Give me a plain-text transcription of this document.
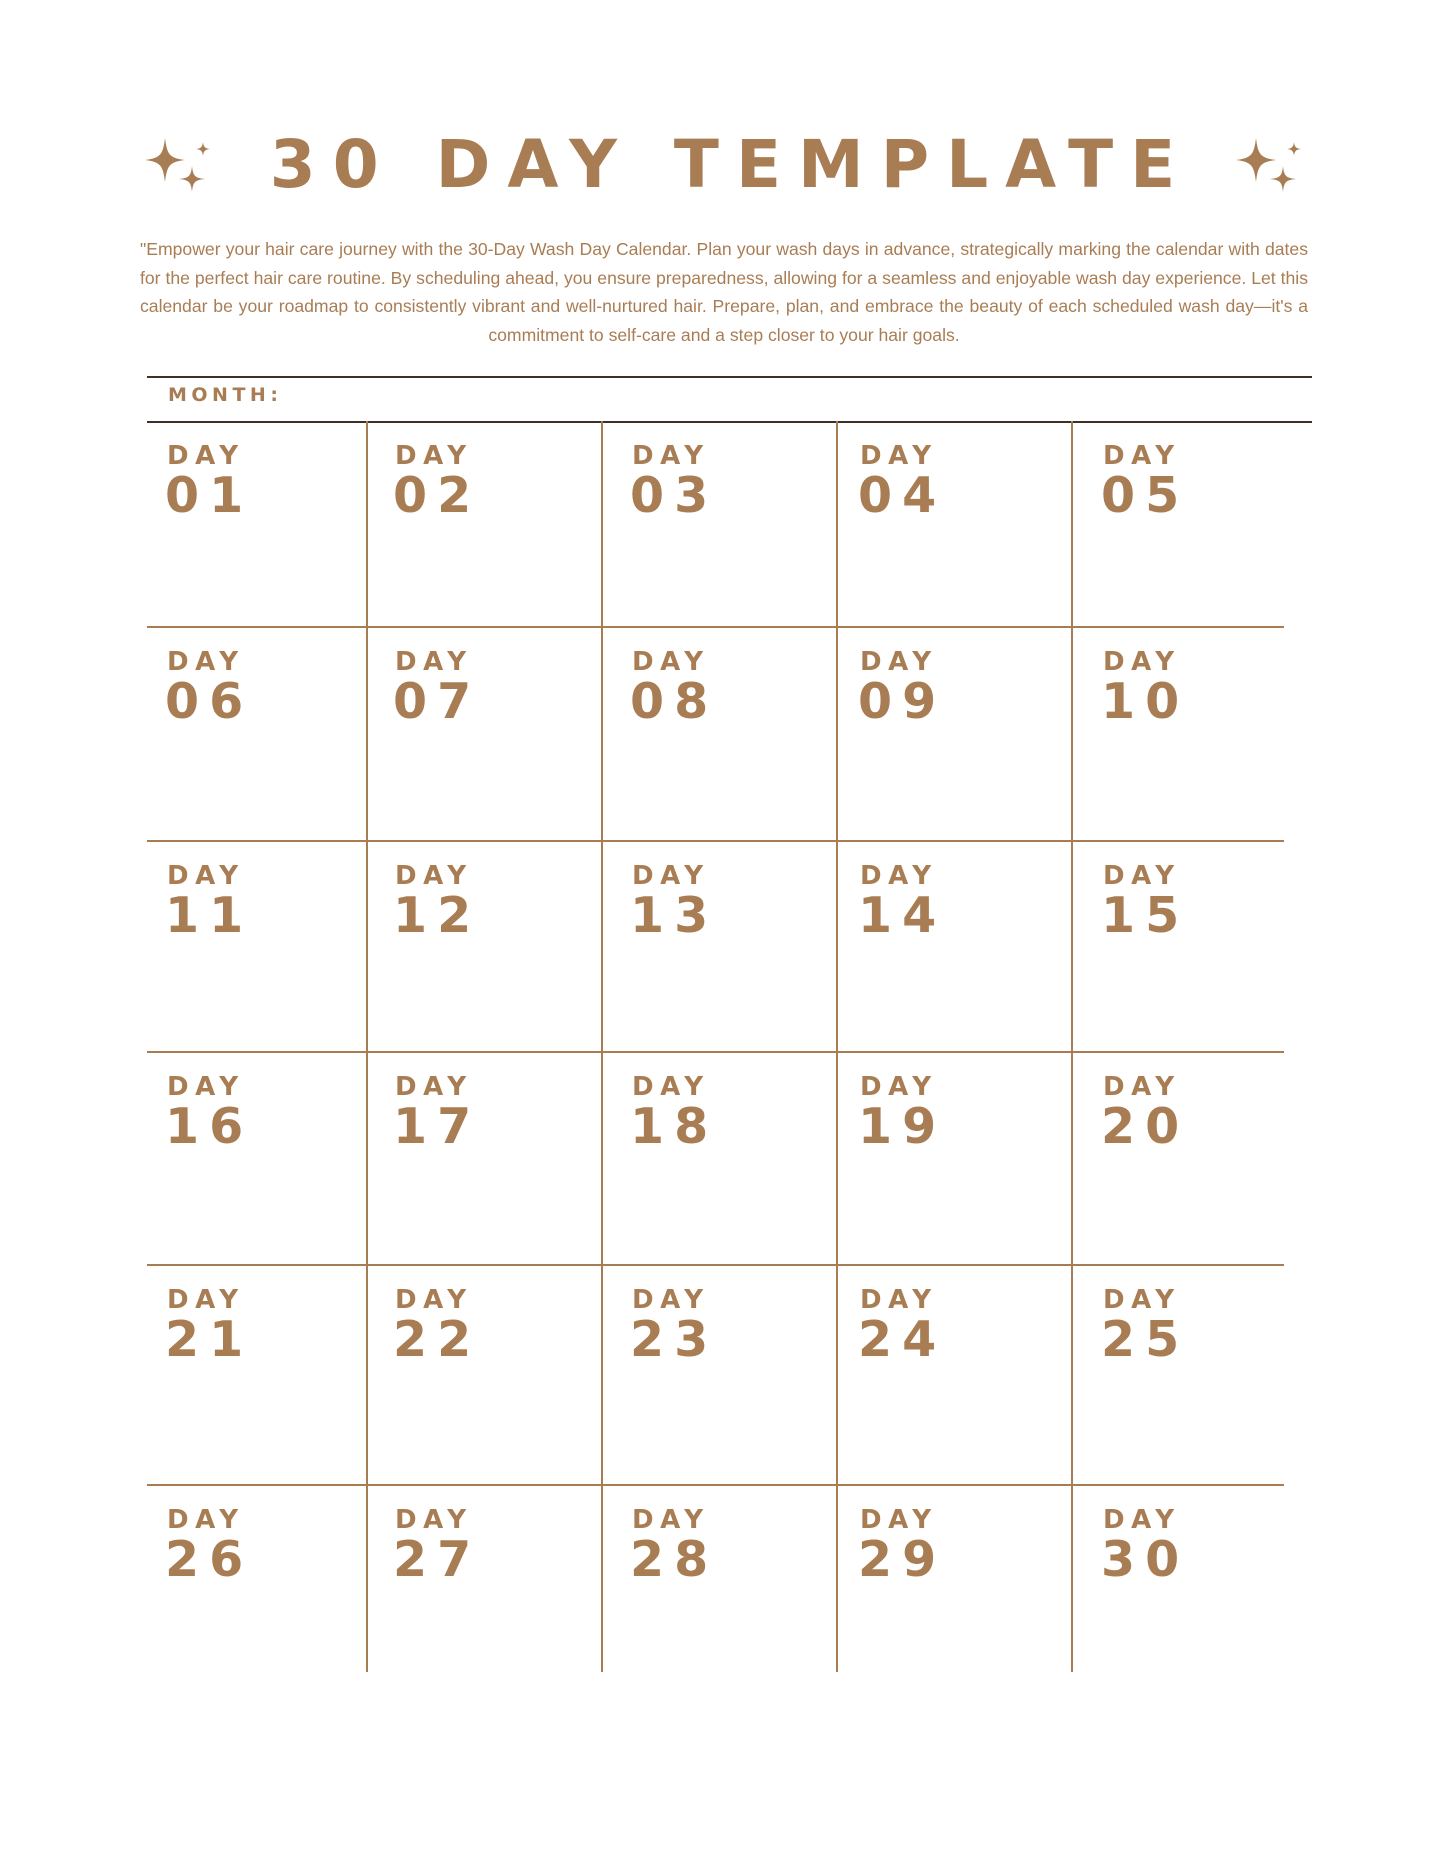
30 DAY TEMPLATE

"Empower your hair care journey with the 30-Day Wash Day Calendar. Plan your wash days in advance, strategically marking the calendar with dates for the perfect hair care routine. By scheduling ahead, you ensure preparedness, allowing for a seamless and enjoyable wash day experience. Let this calendar be your roadmap to consistently vibrant and well-nurtured hair. Prepare, plan, and embrace the beauty of each scheduled wash day—it's a commitment to self-care and a step closer to your hair goals.

MONTH:
DAY
01
DAY
02
DAY
03
DAY
04
DAY
05
DAY
06
DAY
07
DAY
08
DAY
09
DAY
10
DAY
11
DAY
12
DAY
13
DAY
14
DAY
15
DAY
16
DAY
17
DAY
18
DAY
19
DAY
20
DAY
21
DAY
22
DAY
23
DAY
24
DAY
25
DAY
26
DAY
27
DAY
28
DAY
29
DAY
30
